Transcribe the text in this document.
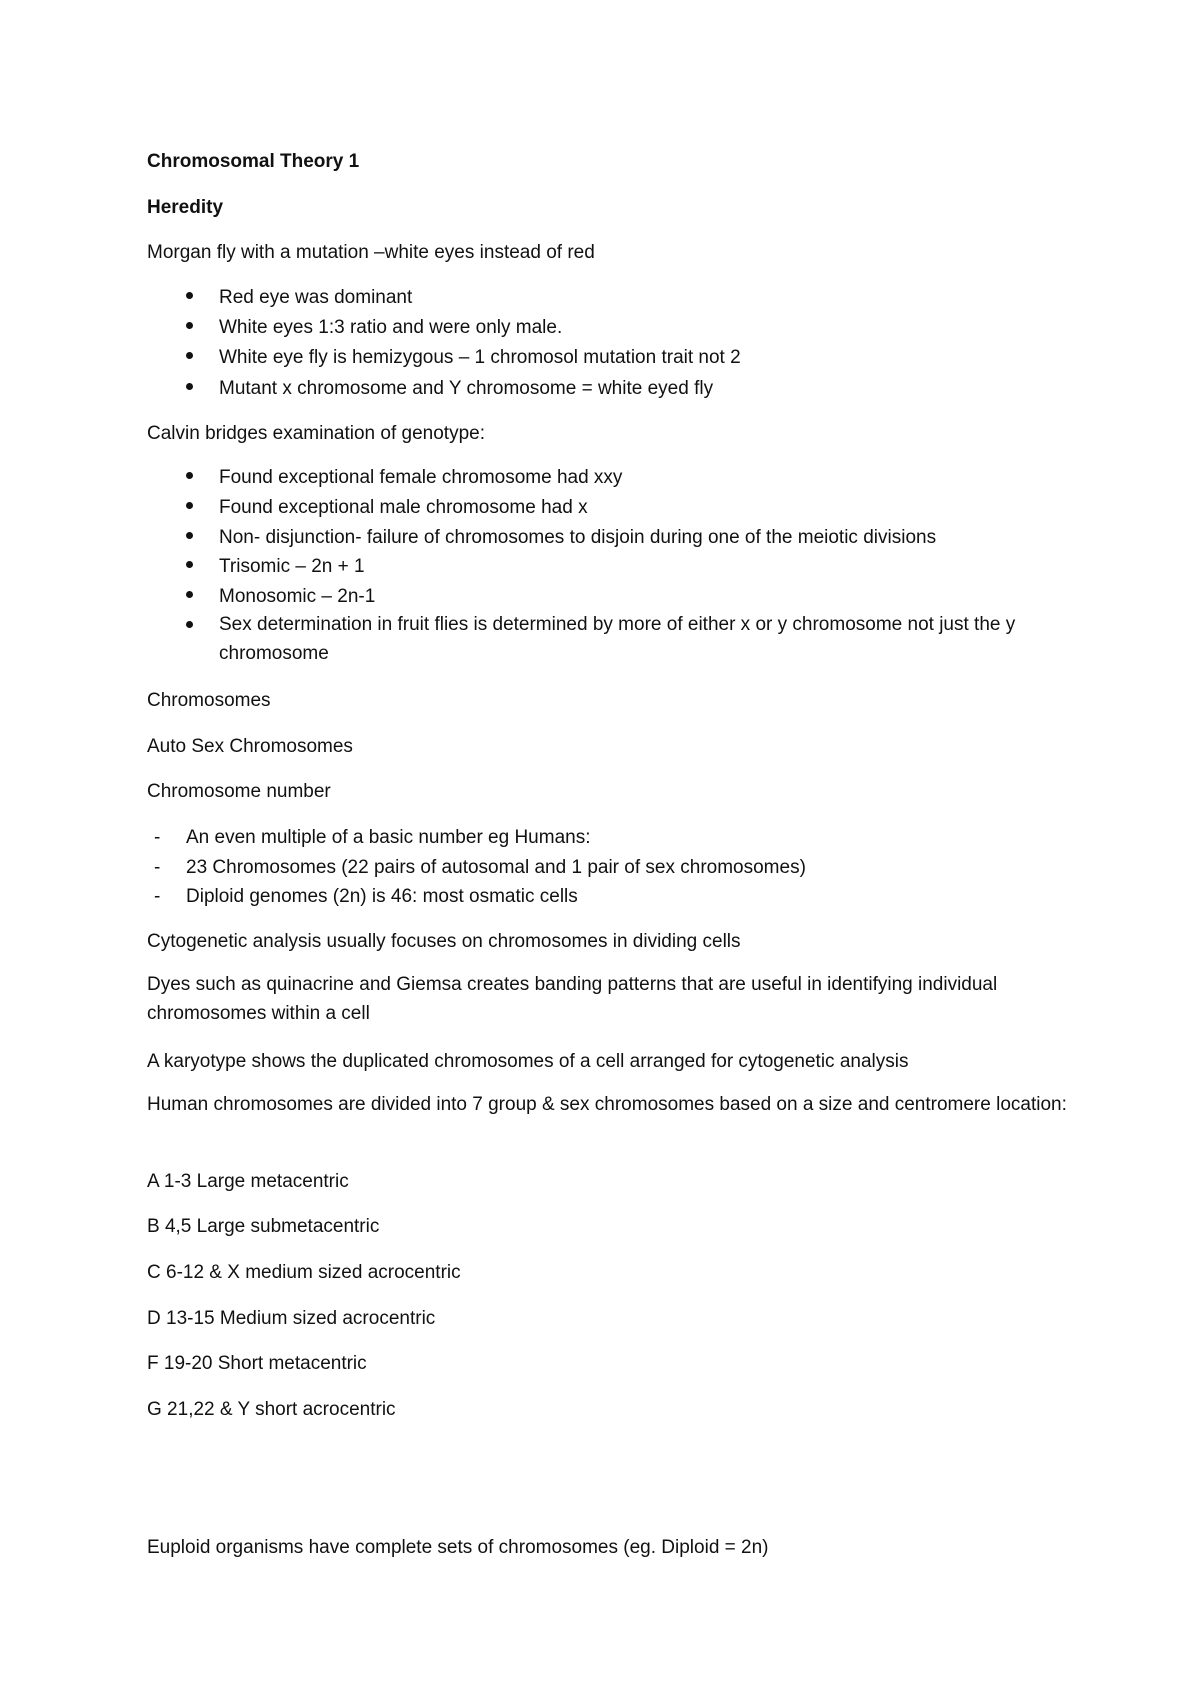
Chromosomal Theory 1
Heredity
Morgan fly with a mutation –white eyes instead of red
Red eye was dominant
White eyes 1:3 ratio and were only male.
White eye fly is hemizygous – 1 chromosol mutation trait not 2
Mutant x chromosome and Y chromosome = white eyed fly
Calvin bridges examination of genotype:
Found exceptional female chromosome had xxy
Found exceptional male chromosome had x
Non- disjunction- failure of chromosomes to disjoin during one of the meiotic divisions
Trisomic – 2n + 1
Monosomic – 2n-1
Sex determination in fruit flies is determined by more of either x or y chromosome not just the y chromosome
Chromosomes
Auto Sex Chromosomes
Chromosome number
- An even multiple of a basic number eg Humans:
- 23 Chromosomes (22 pairs of autosomal and 1 pair of sex chromosomes)
- Diploid genomes (2n) is 46: most osmatic cells
Cytogenetic analysis usually focuses on chromosomes in dividing cells
Dyes such as quinacrine and Giemsa creates banding patterns that are useful in identifying individual chromosomes within a cell
A karyotype shows the duplicated chromosomes of a cell arranged for cytogenetic analysis
Human chromosomes are divided into 7 group & sex chromosomes based on a size and centromere location:
A 1-3 Large metacentric
B 4,5 Large submetacentric
C 6-12 & X medium sized acrocentric
D 13-15 Medium sized acrocentric
F 19-20 Short metacentric
G 21,22 & Y short acrocentric
Euploid organisms have complete sets of chromosomes (eg. Diploid = 2n)
